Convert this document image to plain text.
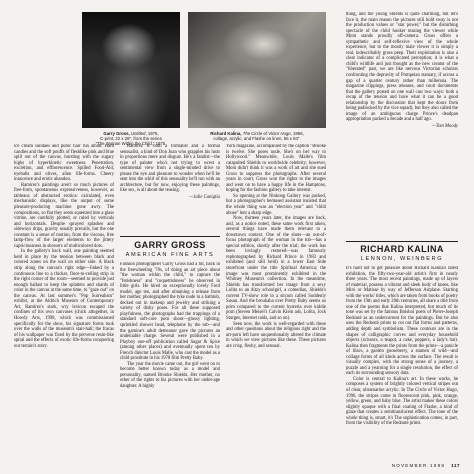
Garry Gross, Untitled, 1975,
C-print, 22 x 28", from the series
"The Woman Within the Child," 1975.
Richard Kalina, The Circle of Victor Hugo, 1996,
collage, acrylic, and Flashe on linen, 56 x 84".

ice cream sundaes and pubic hair run amok. Hard candies and the soft pouffs of fleshlike pink and blue spill out of the canvas, bursting with the sugary highs of hyperkinetic sweetness. Penetration, excretion, and efflorescence. Spilled Food-Aid, eyeballs and olives, alien life-forms. Cheery innocence and erotic abandon.

Ramirez's paintings aren't so much pictures of free-form, spontaneous expressiveness, however, as tableaux of abstracted erotica: calculated, even mechanistic displays, like the output of some pleasure-producing machine gone awry. The compositions, so flat they seem squeezed into a glass vitrine, are carefully plotted, or ruled by verticals and horizontals. Despite sprayed splashes and sideways drips, gravity usually prevails, but the one constant is a sense of motion, from the viscous, free lamp-flow of the larger elements to the jittery capriciousness in showers of multicolored dots.

In the gallery's back wall, one painting seemed held in place by the tension between black and colored zones on the wall on either side. A black strip along the canvas's right edge—linked by a continuous line to a thicker, floor-to-ceiling strip in the right corner of the room—seemed to provide just enough ballast to keep the splatters and shards of color in the canvas at the same time, to "gaze out" on the canvas. At last summer's "Pop Surrealism" exhibit, at the Aldrich Museum of Contemporary Art, Ramirez's stark, wry lexicon escaped the confines of his own canvases (chick altogether, in Howdy Arts, 1998, which was commissioned specifically for the show, his signature forms took over the walls of the museum's stair-hall; the fracas of his wallpaper was fixed by the perverse resin-like spiral and the effects of exotic life-forms conquering our terrain's story.

Ramirez is both a formalist and a formal sensualist, a kind of Don Juan who grapples his lusts in proportions mere and disgust. He's a fatalist—the type of painter who's not trying to wrest a sentimental view from a single-minded drive to please the eye and pleasure to wonder when he'll be sent into the whirl of this sensuality he'll run with an architecture, but for now, enjoying these paintings, like sex, is all about the teasing.

—Julie Caniglia
GARRY GROSS
AMERICAN FINE ARTS

Fashion photographer Garry Gross had a hit, back in the freewheeling '70s, of doing an art piece about "the woman within the child," to capture the "fetishness" and "coquettishness" he observed in little girls. He hired an exceptionally lovely Ford model, age ten, and after obtaining a release from her mother, photographed the tyke nude in a bathtub, decked out in makeup and jewelry and striking a variety of dishy poses. For all these supposed playfulness, the photographs had the trappings of a standard soft-core porn shoot—glossy lighting, sprinkled shower head, telephone by the tub—and the gamine's adult demeanor gave the pictures an undeniable charge. Several were published in a Playboy one-off publication called Sugar & Spice (among other places) and eventually spent ten by French director Louis Malle, who cast the model as a child prostitute in his 1978 film Pretty Baby.

The year the movie came out, the girl went on to become better known today as a model and personality, named Brooke Shields. Her mother, no other of the rights to his pictures with her under-age daughter. A highly

York magazine, accompanied by the caption "Brooke is twelve. She poses nude. She's on her way to Hollywood." Meanwhile, Louis Malle's film catapulted Shields to worldwide celebrity; however, Mom didn't think it was a work of art and she sued Gross to suppress the photographs. After several years in court, Gross won the rights to the images and went on to have a happy life in the Hamptons, hoping for the fashion gallery to take interest.

So opening at the Ninkong Gallery was packed, but a photographer's bemused assistant insisted that the whole thing was an "election year" and "child abuse" lent a sharp edge.

Now, thirteen years later, the images are back, and, as a notice noted, these same work first taken, several things have made them relevant to a downtown context. One of the shots—an out-of-focus photograph of the woman in the tub—has a special edition, shortly after the trial; the work has been lovingly restored—was famously rephotographed by Richard Prince in 1983 and exhibited (and still held) in a lower East Side storefront under the title Spiritual America; the image was most prominently exhibited in the Whitney Museum's collection. In the meantime, Shields has transformed her image from a sexy Lolita to an ditzy schoolgirl, a comedian, Shields's current TV-show role in a sitcom called Suddenly Susan. And the brouhaha over Pretty Baby seems so prim compared to the current hysteria over kiddie porn (Steven Meisel's Calvin Klein ads, Lolita, Jock Sturges, Internet raids, and so on).

Seen now, the work is well-regarded with these and other questions about the religious right and the art-porn left have unquestionably altered the climate in which we view pictures like these. These pictures are crisp, fleshy, and sensual.

thing, and the young Shields is quite charming, but let's face it, the main reason the pictures still hold sway is not the production values or "star power," but the disturbing spectacle of the child hooker teasing the viewer while Mom stands proudly off-camera. Gross offers a sympathetic and self-reflexive view of the whole experience, but to the mostly male viewer it is simply a real, indescribably gross peep. Their exploitation is also a clear indicator of a complicated perception; it is what a child's wildlife and just thought as the new creator of the "liberated" past, we are like nervous Victorian scholars confronting the depravity of Pompeian statuary, if across a gap of a quarter century rather than millennia. The magazine clippings, press releases, and court documents that the gallery posted on one wall cast two ways: both a recap of the tension and have what it can be a good relationship by the discussion that kept the doors from being padlocked by the vice squad), but they also called the image of an ambiguous charge Prince's deadpan appropriation packed a decade and a half ago.

—Tom Moody
RICHARD KALINA
LENNON, WEINBERG

It's hard not to get pleasure about Richard Kalina's latest exhibition, the fifty-two-year-old artist's first in nearly three years. The most recent paintings, made up of layers of material, possess a vibrant and sleek body of knees, like Miró or Matisse by way of Jefferson Airplane. Starting with the works' titles, which are taken from books of poetry from the 19th and early 20th centuries, all share a title from one of the poems that Kalina interpreted, but much of its tone was set by the famous Bolshoi poets of Pierre-Joseph Redouté as an undercurrent for the paintings. But he also uses the Redouté prints to cut out flat forms and patterns, adding depth and symbolism. These contours are in the shapes of calligraphic curves and everyday household objects (scissors, a teapot, a cake, peppers, a lady's hat). Kalina then fragments the prints from the prints—a panicle of lilacs, a garden gooseberry, a stamen of wild—and collage forms of all kinds across the surface. The result is visually complex, with the strong sense of a journey, a puzzle and a yearning for a single resolution, the effect of each its surrounding sensory data.

Color is central to Kalina's art. In these works, he composes a system of brightly colored vertical stripes out of clear, ultramarine acrylic. In The Circle of Victor Hugo, 1996, the stripes come in fluorescent pink, pink, orange, yellow, green, and baby blue. The artist makes these colors slightly opaque with a final coating of Flashe, a kind of glaze that creates a semitranslucent effect. The tone of the whole thing is, smart, it's The sophistication comes, in part, from the visibility of the Redouté prints

NOVEMBER 1998 117
